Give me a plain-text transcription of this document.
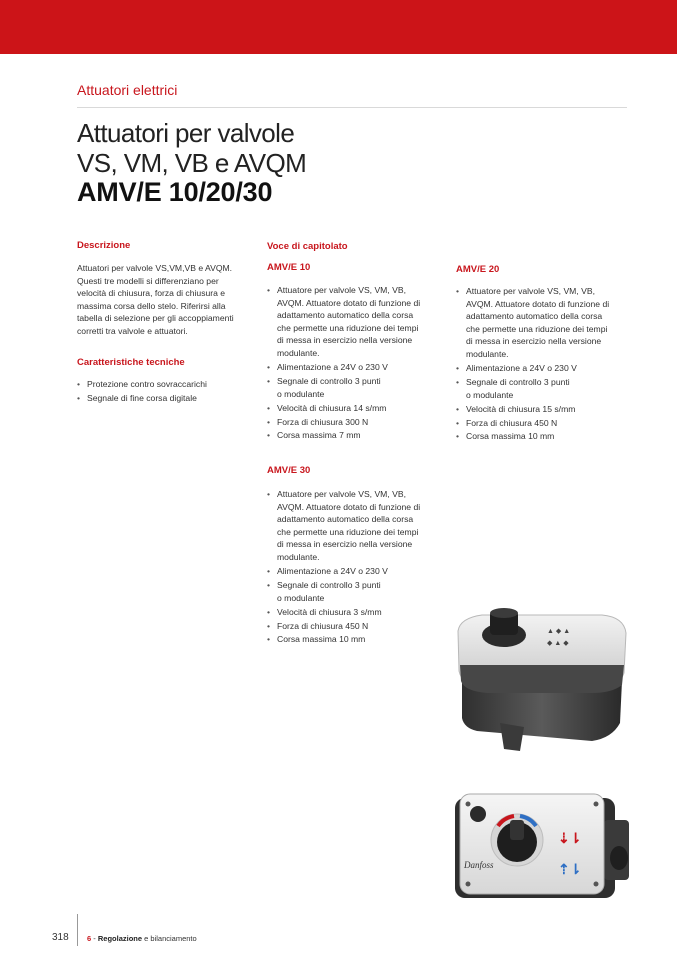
Attuatori elettrici
Attuatori per valvole
VS, VM, VB e AVQM
AMV/E 10/20/30
Descrizione
Attuatori per valvole VS,VM,VB e AVQM.
Questi tre modelli si differenziano per
velocità di chiusura, forza di chiusura e
massima corsa dello stelo. Riferirsi alla
tabella di selezione per gli accoppiamenti
corretti tra valvole e attuatori.
Caratteristiche tecniche
• Protezione contro sovraccarichi
• Segnale di fine corsa digitale
Voce di capitolato
AMV/E 10
• Attuatore per valvole VS, VM, VB,
AVQM. Attuatore dotato di funzione di
adattamento automatico della corsa
che permette una riduzione dei tempi
di messa in esercizio nella versione
modulante.
• Alimentazione a 24V o 230 V
• Segnale di controllo 3 punti
o modulante
• Velocità di chiusura 14 s/mm
• Forza di chiusura 300 N
• Corsa massima 7 mm
AMV/E 30
• Attuatore per valvole VS, VM, VB,
AVQM. Attuatore dotato di funzione di
adattamento automatico della corsa
che permette una riduzione dei tempi
di messa in esercizio nella versione
modulante.
• Alimentazione a 24V o 230 V
• Segnale di controllo 3 punti
o modulante
• Velocità di chiusura 3 s/mm
• Forza di chiusura 450 N
• Corsa massima 10 mm
AMV/E 20
• Attuatore per valvole VS, VM, VB,
AVQM. Attuatore dotato di funzione di
adattamento automatico della corsa
che permette una riduzione dei tempi
di messa in esercizio nella versione
modulante.
• Alimentazione a 24V o 230 V
• Segnale di controllo 3 punti
o modulante
• Velocità di chiusura 15 s/mm
• Forza di chiusura 450 N
• Corsa massima 10 mm
▲ ◆ ▲
◆ ▲ ◆
⇣⇂
⇡⇂
Danfoss
318 6 - Regolazione e bilanciamento
